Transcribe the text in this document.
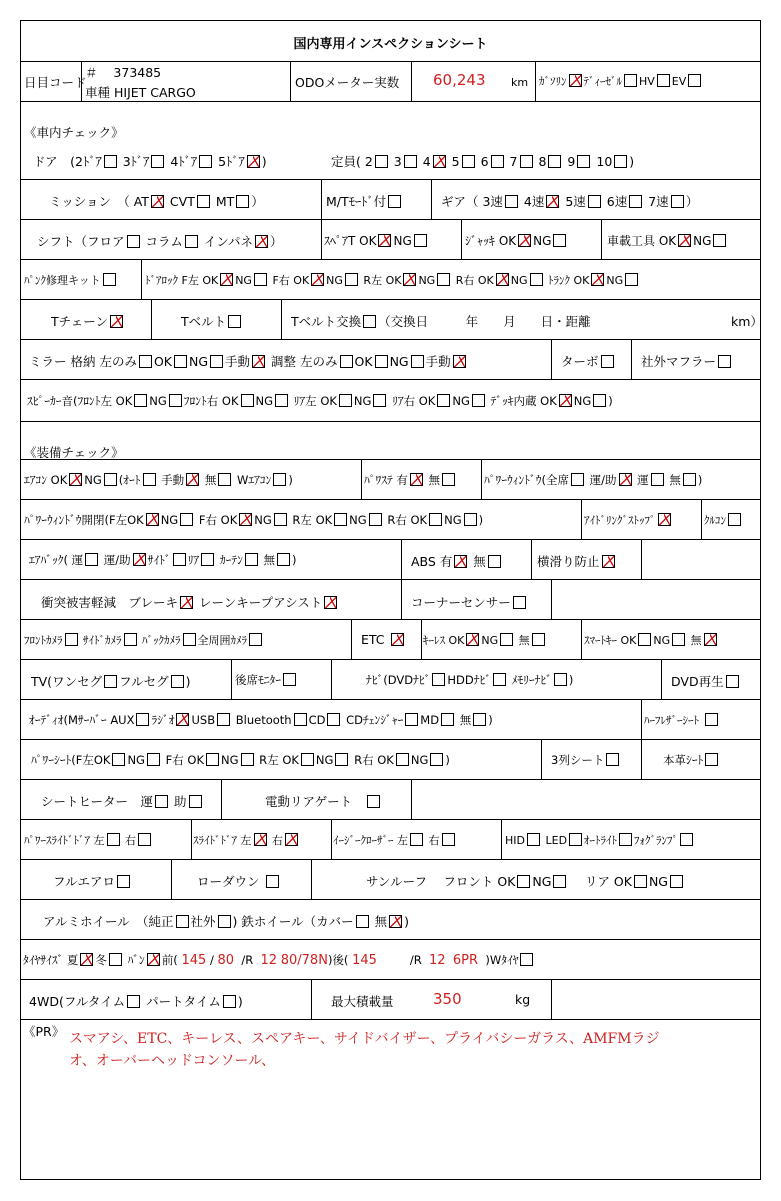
国内専用インスペクションシート
日目コード
＃ 373485
車種 HIJET CARGO
ODOメーター実数 60,243 km ｶﾞｿﾘﾝ ﾃﾞｨｰｾﾞﾙ HV EV
《車内チェック》
ドア　(2ﾄﾞｱ 3ﾄﾞｱ 4ﾄﾞｱ 5ﾄﾞｱ )	定員( 2 3 4 5 6 7 8 9 10 )
ミッション　（ AT CVT MT ）	M/Tﾓｰﾄﾞ付	ギア（ 3速 4速 5速 6速 7速 ）
シフト（フロア コラム インパネ ）	ｽﾍﾟｱT OK NG	ｼﾞｬｯｷ OK NG	車載工具 OK NG
ﾊﾟﾝｸ修理キット	ﾄﾞｱﾛｯｸ F左 OK NG F右 OK NG R左 OK NG R右 OK NG ﾄﾗﾝｸ OK NG
Tチェーン	Tベルト	Tベルト交換 （交換日　　　年　　月　　日・距離	km）
ミラー 格納 左のみ OK NG 手動 調整 左のみ OK NG 手動	ターボ	社外マフラー
ｽﾋﾟｰｶｰ音(ﾌﾛﾝﾄ左 OK NG ﾌﾛﾝﾄ右 OK NG ﾘｱ左 OK NG ﾘｱ右 OK NG ﾃﾞｯｷ内蔵 OK NG )
《装備チェック》
ｴｱｺﾝ OK NG (ｵｰﾄ 手動 無 Wｴｱｺﾝ )	ﾊﾟﾜｽﾃ 有 無	ﾊﾟﾜｰｳｨﾝﾄﾞｳ(全席 運/助 運 無 )
ﾊﾟﾜｰｳｨﾝﾄﾞｳ開閉(F左OK NG F右 OK NG R左 OK NG R右 OK NG )	ｱｲﾄﾞﾘﾝｸﾞｽﾄｯﾌﾟ	ｸﾙｺﾝ
ｴｱﾊﾞｯｸ( 運 運/助 ｻｲﾄﾞ ﾘｱ ｶｰﾃﾝ 無 )	ABS 有 無	横滑り防止
衝突被害軽減　ブレーキ レーンキープアシスト	コーナーセンサー
ﾌﾛﾝﾄｶﾒﾗ ｻｲﾄﾞｶﾒﾗ ﾊﾞｯｸｶﾒﾗ 全周囲ｶﾒﾗ	ETC	ｷｰﾚｽ OK NG 無	ｽﾏｰﾄｷｰ OK NG 無
TV(ワンセグ フルセグ )	後席ﾓﾆﾀｰ	ﾅﾋﾞ(DVDﾅﾋﾞ HDDﾅﾋﾞ ﾒﾓﾘｰﾅﾋﾞ )	DVD再生
ｵｰﾃﾞｨｵ(Mｻｰﾊﾞｰ AUX ﾗｼﾞｵ USB Bluetooth CD CDﾁｪﾝｼﾞｬｰ MD 無 )	ﾊｰﾌﾚｻﾞｰｼｰﾄ
ﾊﾟﾜｰｼｰﾄ(F左OK NG F右 OK NG R左 OK NG R右 OK NG )	3列シート	本革ｼｰﾄ
シートヒーター　運 助	電動リアゲート　
ﾊﾟﾜｰｽﾗｲﾄﾞﾄﾞｱ 左 右	ｽﾗｲﾄﾞﾄﾞｱ 左 右	ｲｰｼﾞｰｸﾛｰｻﾞｰ 左 右	HID LED ｵｰﾄﾗｲﾄ ﾌｫｸﾞﾗﾝﾌﾟ
フルエアロ	ローダウン	サンルーフ　 フロント OK NG　 リア OK NG
アルミホイール　（純正 社外 ) 鉄ホイール（カバー 無 )
ﾀｲﾔｻｲｽﾞ 夏 冬 ﾊﾞﾝ 前( 145 / 80  /R  12 80/78N)後( 145         /R  12 6PR  )Wﾀｲﾔ
4WD(フルタイム パートタイム )	最大積載量	350	kg
《PR》 スマアシ、ETC、キーレス、スペアキー、サイドバイザー、プライバシーガラス、AMFMラジ
オ、オーバーヘッドコンソール、
